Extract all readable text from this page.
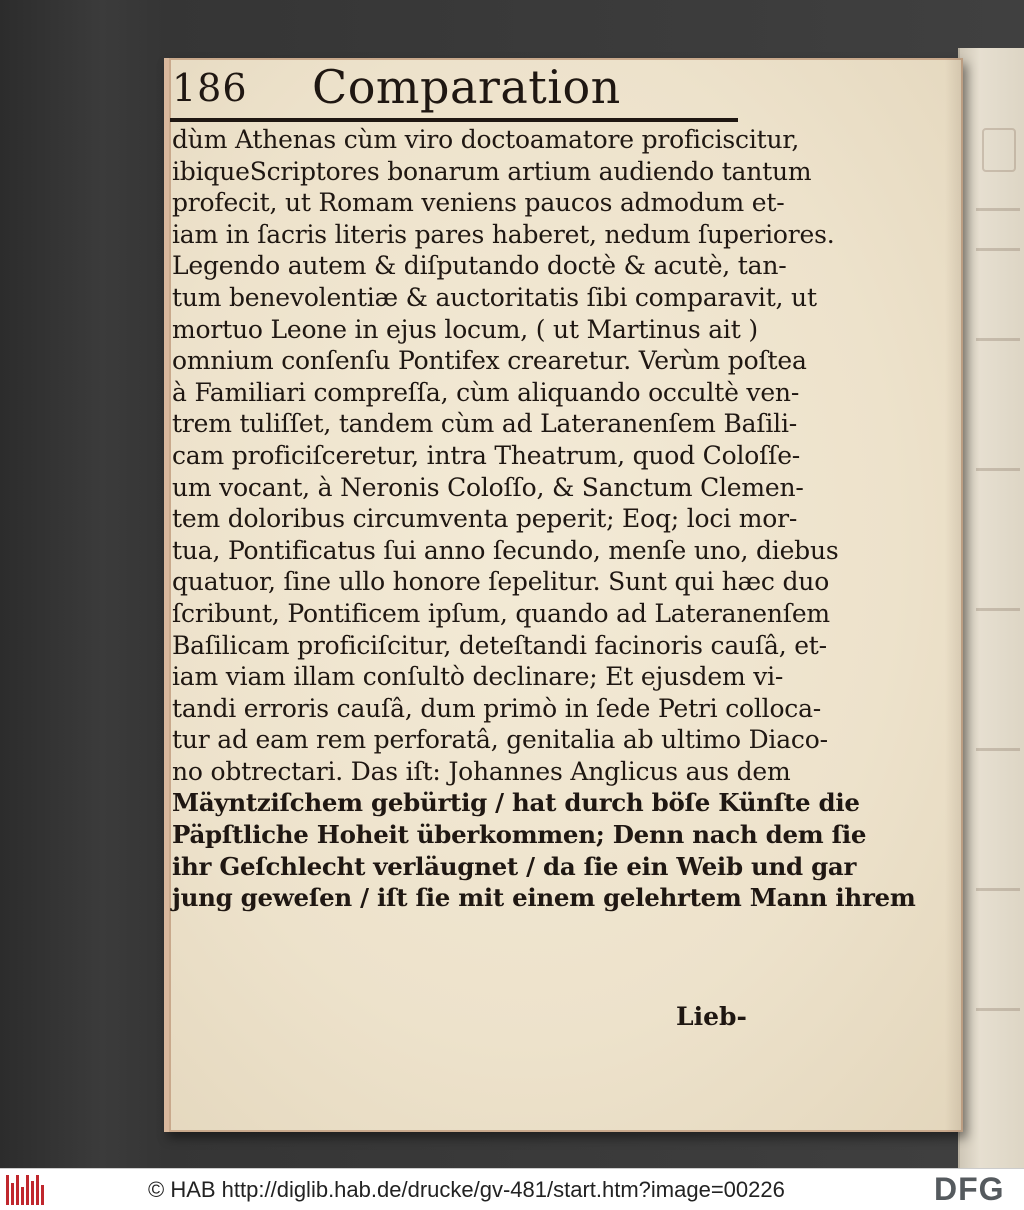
186 Comparation
dùm Athenas cùm viro doctoamatore proficiscitur,
ibiqueScriptores bonarum artium audiendo tantum
profecit, ut Romam veniens paucos admodum et-
iam in ſacris literis pares haberet, nedum ſuperiores.
Legendo autem & diſputando doctè & acutè, tan-
tum benevolentiæ & auctoritatis ſibi comparavit, ut
mortuo Leone in ejus locum, ( ut Martinus ait )
omnium conſenſu Pontifex crearetur. Verùm poſtea
à Familiari compreſſa, cùm aliquando occultè ven-
trem tuliſſet, tandem cùm ad Lateranenſem Baſili-
cam proficiſceretur, intra Theatrum, quod Coloſſe-
um vocant, à Neronis Coloſſo, & Sanctum Clemen-
tem doloribus circumventa peperit; Eoq; loci mor-
tua, Pontificatus ſui anno ſecundo, menſe uno, diebus
quatuor, ſine ullo honore ſepelitur. Sunt qui hæc duo
ſcribunt, Pontificem ipſum, quando ad Lateranenſem
Baſilicam proficiſcitur, deteſtandi facinoris cauſâ, et-
iam viam illam conſultò declinare; Et ejusdem vi-
tandi erroris cauſâ, dum primò in ſede Petri colloca-
tur ad eam rem perforatâ, genitalia ab ultimo Diaco-
no obtrectari. Das iſt: Johannes Anglicus aus dem
Mäyntziſchem gebürtig / hat durch böſe Künſte die
Päpſtliche Hoheit überkommen; Denn nach dem ſie
ihr Geſchlecht verläugnet / da ſie ein Weib und gar
jung geweſen / iſt ſie mit einem gelehrtem Mann ihrem
Lieb-
© HAB http://diglib.hab.de/drucke/gv-481/start.htm?image=00226	DFG
